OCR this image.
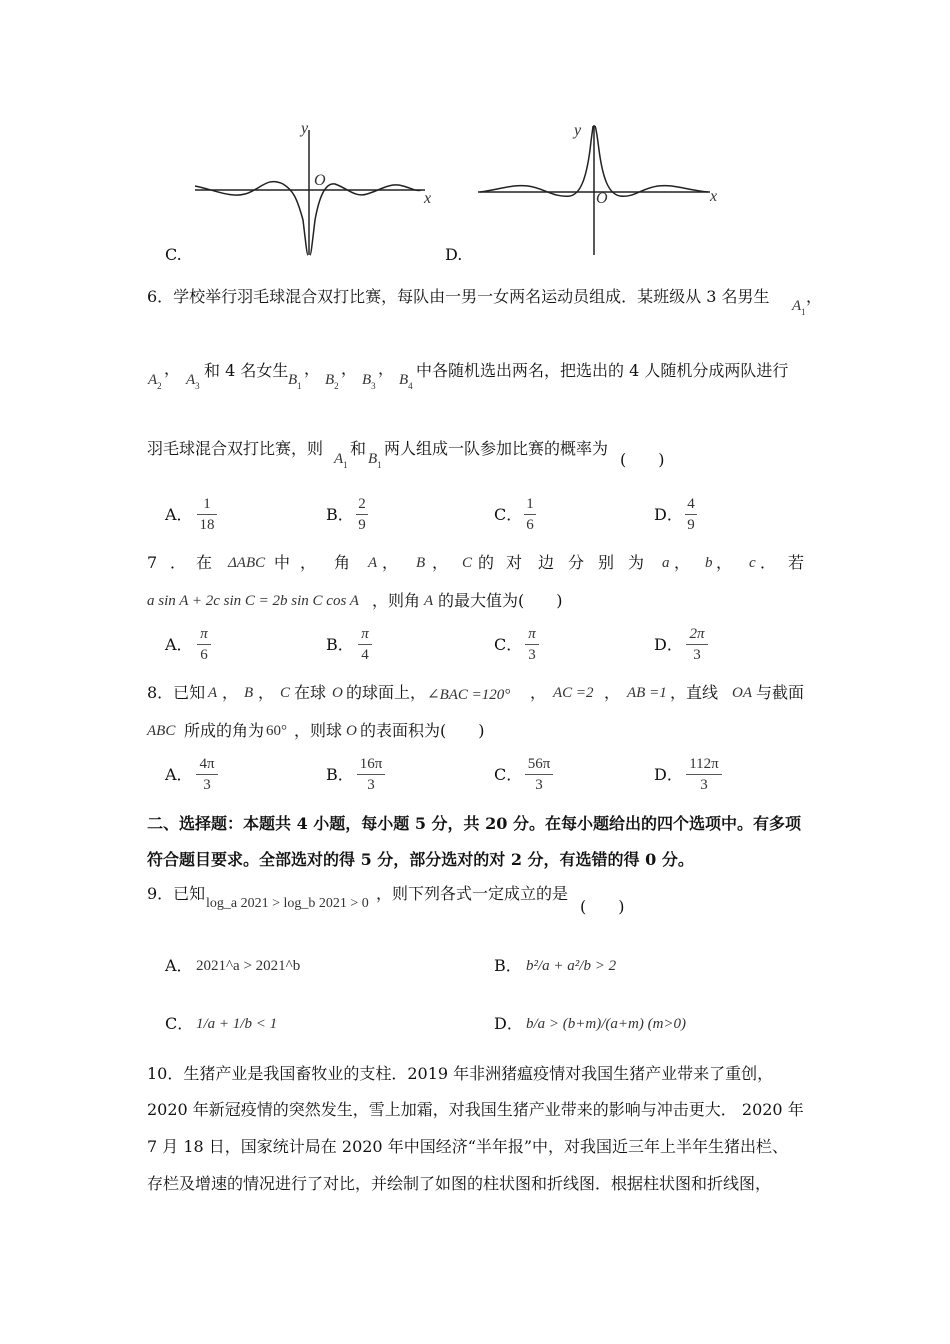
y
x
O
C.
y
x
O
D.
6．学校举行羽毛球混合双打比赛，每队由一男一女两名运动员组成．某班级从 3 名男生 $A_1$
，
$A_2$
，
$A_3$
和 4 名女生 $B_1$
，
$B_2$
，
$B_3$
，
$B_4$
中各随机选出两名，把选出的 4 人随机分成两队进行
羽毛球混合双打比赛，则
$A_1$
和
$B_1$
两人组成一队参加比赛的概率为
(　　)
A．
1
18
B．
2
9
C．
1
6
D．
4
9
7 ． 在 ΔABC 中 ， 角 A ， B ， C 的 对 边 分 别 为 a ， b ， c ． 若
a sin A + 2c sin C = 2b sin C cos A ，则角 A 的最大值为(　　)
A．
π
6
B．
π
4
C．
π
3
D．
2π
3
8．已知 A ， B ， C 在球 O 的球面上， ∠BAC =120° ， AC =2 ， AB =1 ，直线 OA 与截面
ABC 所成的角为 60° ，则球 O 的表面积为(　　)
A．
4π
3
B．
16π
3
C．
56π
3
D．
112π
3
二、选择题：本题共 4 小题，每小题 5 分，共 20 分。在每小题给出的四个选项中。有多项
符合题目要求。全部选对的得 5 分，部分选对的对 2 分，有选错的得 0 分。
9．已知
log_a 2021 > log_b 2021 > 0
，则下列各式一定成立的是
(　　)
A． 2021^a > 2021^b	B． b²/a + a²/b > 2
C． 1/a + 1/b < 1	D． b/a > (b+m)/(a+m) (m>0)
10．生猪产业是我国畜牧业的支柱．2019 年非洲猪瘟疫情对我国生猪产业带来了重创，
2020 年新冠疫情的突然发生，雪上加霜，对我国生猪产业带来的影响与冲击更大． 2020 年
7 月 18 日，国家统计局在 2020 年中国经济“半年报”中，对我国近三年上半年生猪出栏、
存栏及增速的情况进行了对比，并绘制了如图的柱状图和折线图．根据柱状图和折线图，
